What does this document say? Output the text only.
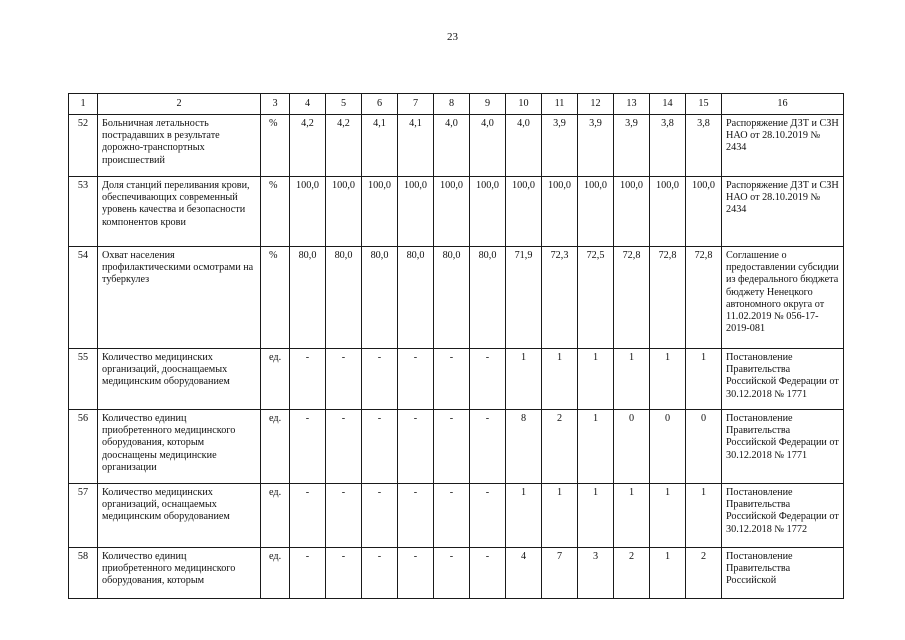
23
1	2	3	4	5	6	7	8	9	10	11	12	13	14	15	16
52	Больничная летальность пострадавших в результате дорожно-транспортных происшествий	%	4,2	4,2	4,1	4,1	4,0	4,0	4,0	3,9	3,9	3,9	3,8	3,8	Распоряжение ДЗТ и СЗН НАО от 28.10.2019 № 2434
53	Доля станций переливания крови, обеспечивающих современный уровень качества и безопасности компонентов крови	%	100,0	100,0	100,0	100,0	100,0	100,0	100,0	100,0	100,0	100,0	100,0	100,0	Распоряжение ДЗТ и СЗН НАО от 28.10.2019 № 2434
54	Охват населения профилактическими осмотрами на туберкулез	%	80,0	80,0	80,0	80,0	80,0	80,0	71,9	72,3	72,5	72,8	72,8	72,8	Соглашение о предоставлении субсидии из федерального бюджета бюджету Ненецкого автономного округа от 11.02.2019 № 056-17-2019-081
55	Количество медицинских организаций, дооснащаемых медицинским оборудованием	ед.	-	-	-	-	-	-	1	1	1	1	1	1	Постановление Правительства Российской Федерации от 30.12.2018 № 1771
56	Количество единиц приобретенного медицинского оборудования, которым дооснащены медицинские организации	ед.	-	-	-	-	-	-	8	2	1	0	0	0	Постановление Правительства Российской Федерации от 30.12.2018 № 1771
57	Количество медицинских организаций, оснащаемых медицинским оборудованием	ед.	-	-	-	-	-	-	1	1	1	1	1	1	Постановление Правительства Российской Федерации от 30.12.2018 № 1772
58	Количество единиц приобретенного медицинского оборудования, которым	ед.	-	-	-	-	-	-	4	7	3	2	1	2	Постановление Правительства Российской
